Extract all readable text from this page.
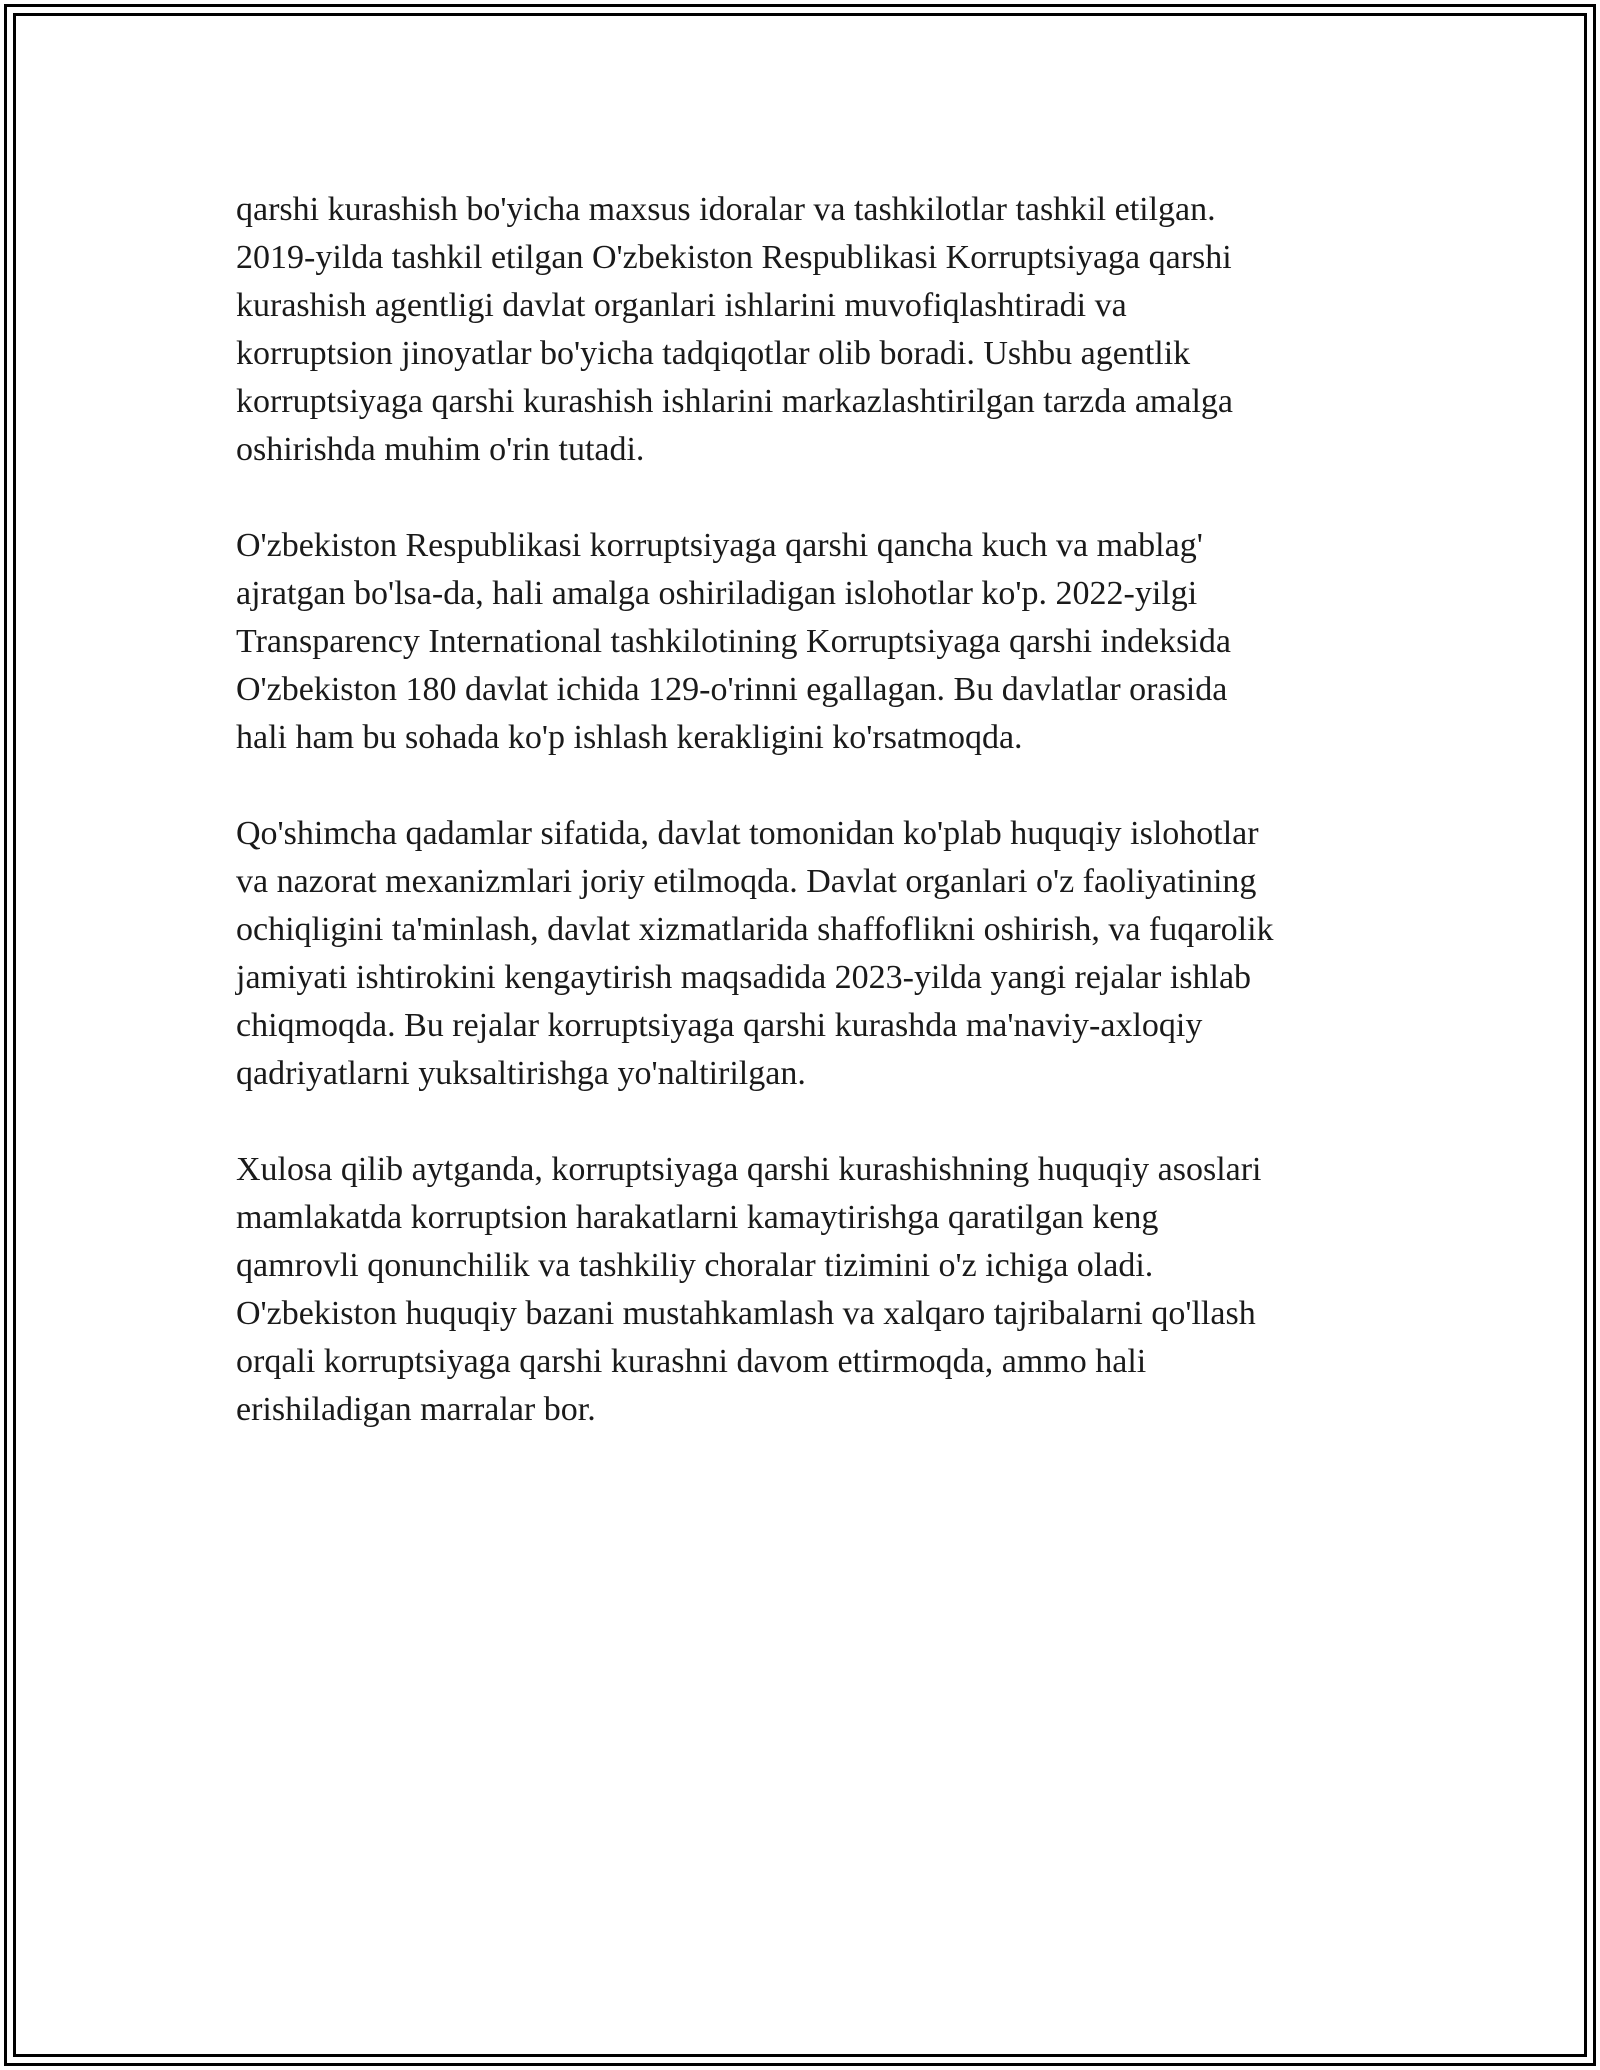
qarshi kurashish bo'yicha maxsus idoralar va tashkilotlar tashkil etilgan.
2019-yilda tashkil etilgan O'zbekiston Respublikasi Korruptsiyaga qarshi
kurashish agentligi davlat organlari ishlarini muvofiqlashtiradi va
korruptsion jinoyatlar bo'yicha tadqiqotlar olib boradi. Ushbu agentlik
korruptsiyaga qarshi kurashish ishlarini markazlashtirilgan tarzda amalga
oshirishda muhim o'rin tutadi.

O'zbekiston Respublikasi korruptsiyaga qarshi qancha kuch va mablag'
ajratgan bo'lsa-da, hali amalga oshiriladigan islohotlar ko'p. 2022-yilgi
Transparency International tashkilotining Korruptsiyaga qarshi indeksida
O'zbekiston 180 davlat ichida 129-o'rinni egallagan. Bu davlatlar orasida
hali ham bu sohada ko'p ishlash kerakligini ko'rsatmoqda.

Qo'shimcha qadamlar sifatida, davlat tomonidan ko'plab huquqiy islohotlar
va nazorat mexanizmlari joriy etilmoqda. Davlat organlari o'z faoliyatining
ochiqligini ta'minlash, davlat xizmatlarida shaffoflikni oshirish, va fuqarolik
jamiyati ishtirokini kengaytirish maqsadida 2023-yilda yangi rejalar ishlab
chiqmoqda. Bu rejalar korruptsiyaga qarshi kurashda ma'naviy-axloqiy
qadriyatlarni yuksaltirishga yo'naltirilgan.

Xulosa qilib aytganda, korruptsiyaga qarshi kurashishning huquqiy asoslari
mamlakatda korruptsion harakatlarni kamaytirishga qaratilgan keng
qamrovli qonunchilik va tashkiliy choralar tizimini o'z ichiga oladi.
O'zbekiston huquqiy bazani mustahkamlash va xalqaro tajribalarni qo'llash
orqali korruptsiyaga qarshi kurashni davom ettirmoqda, ammo hali
erishiladigan marralar bor.
